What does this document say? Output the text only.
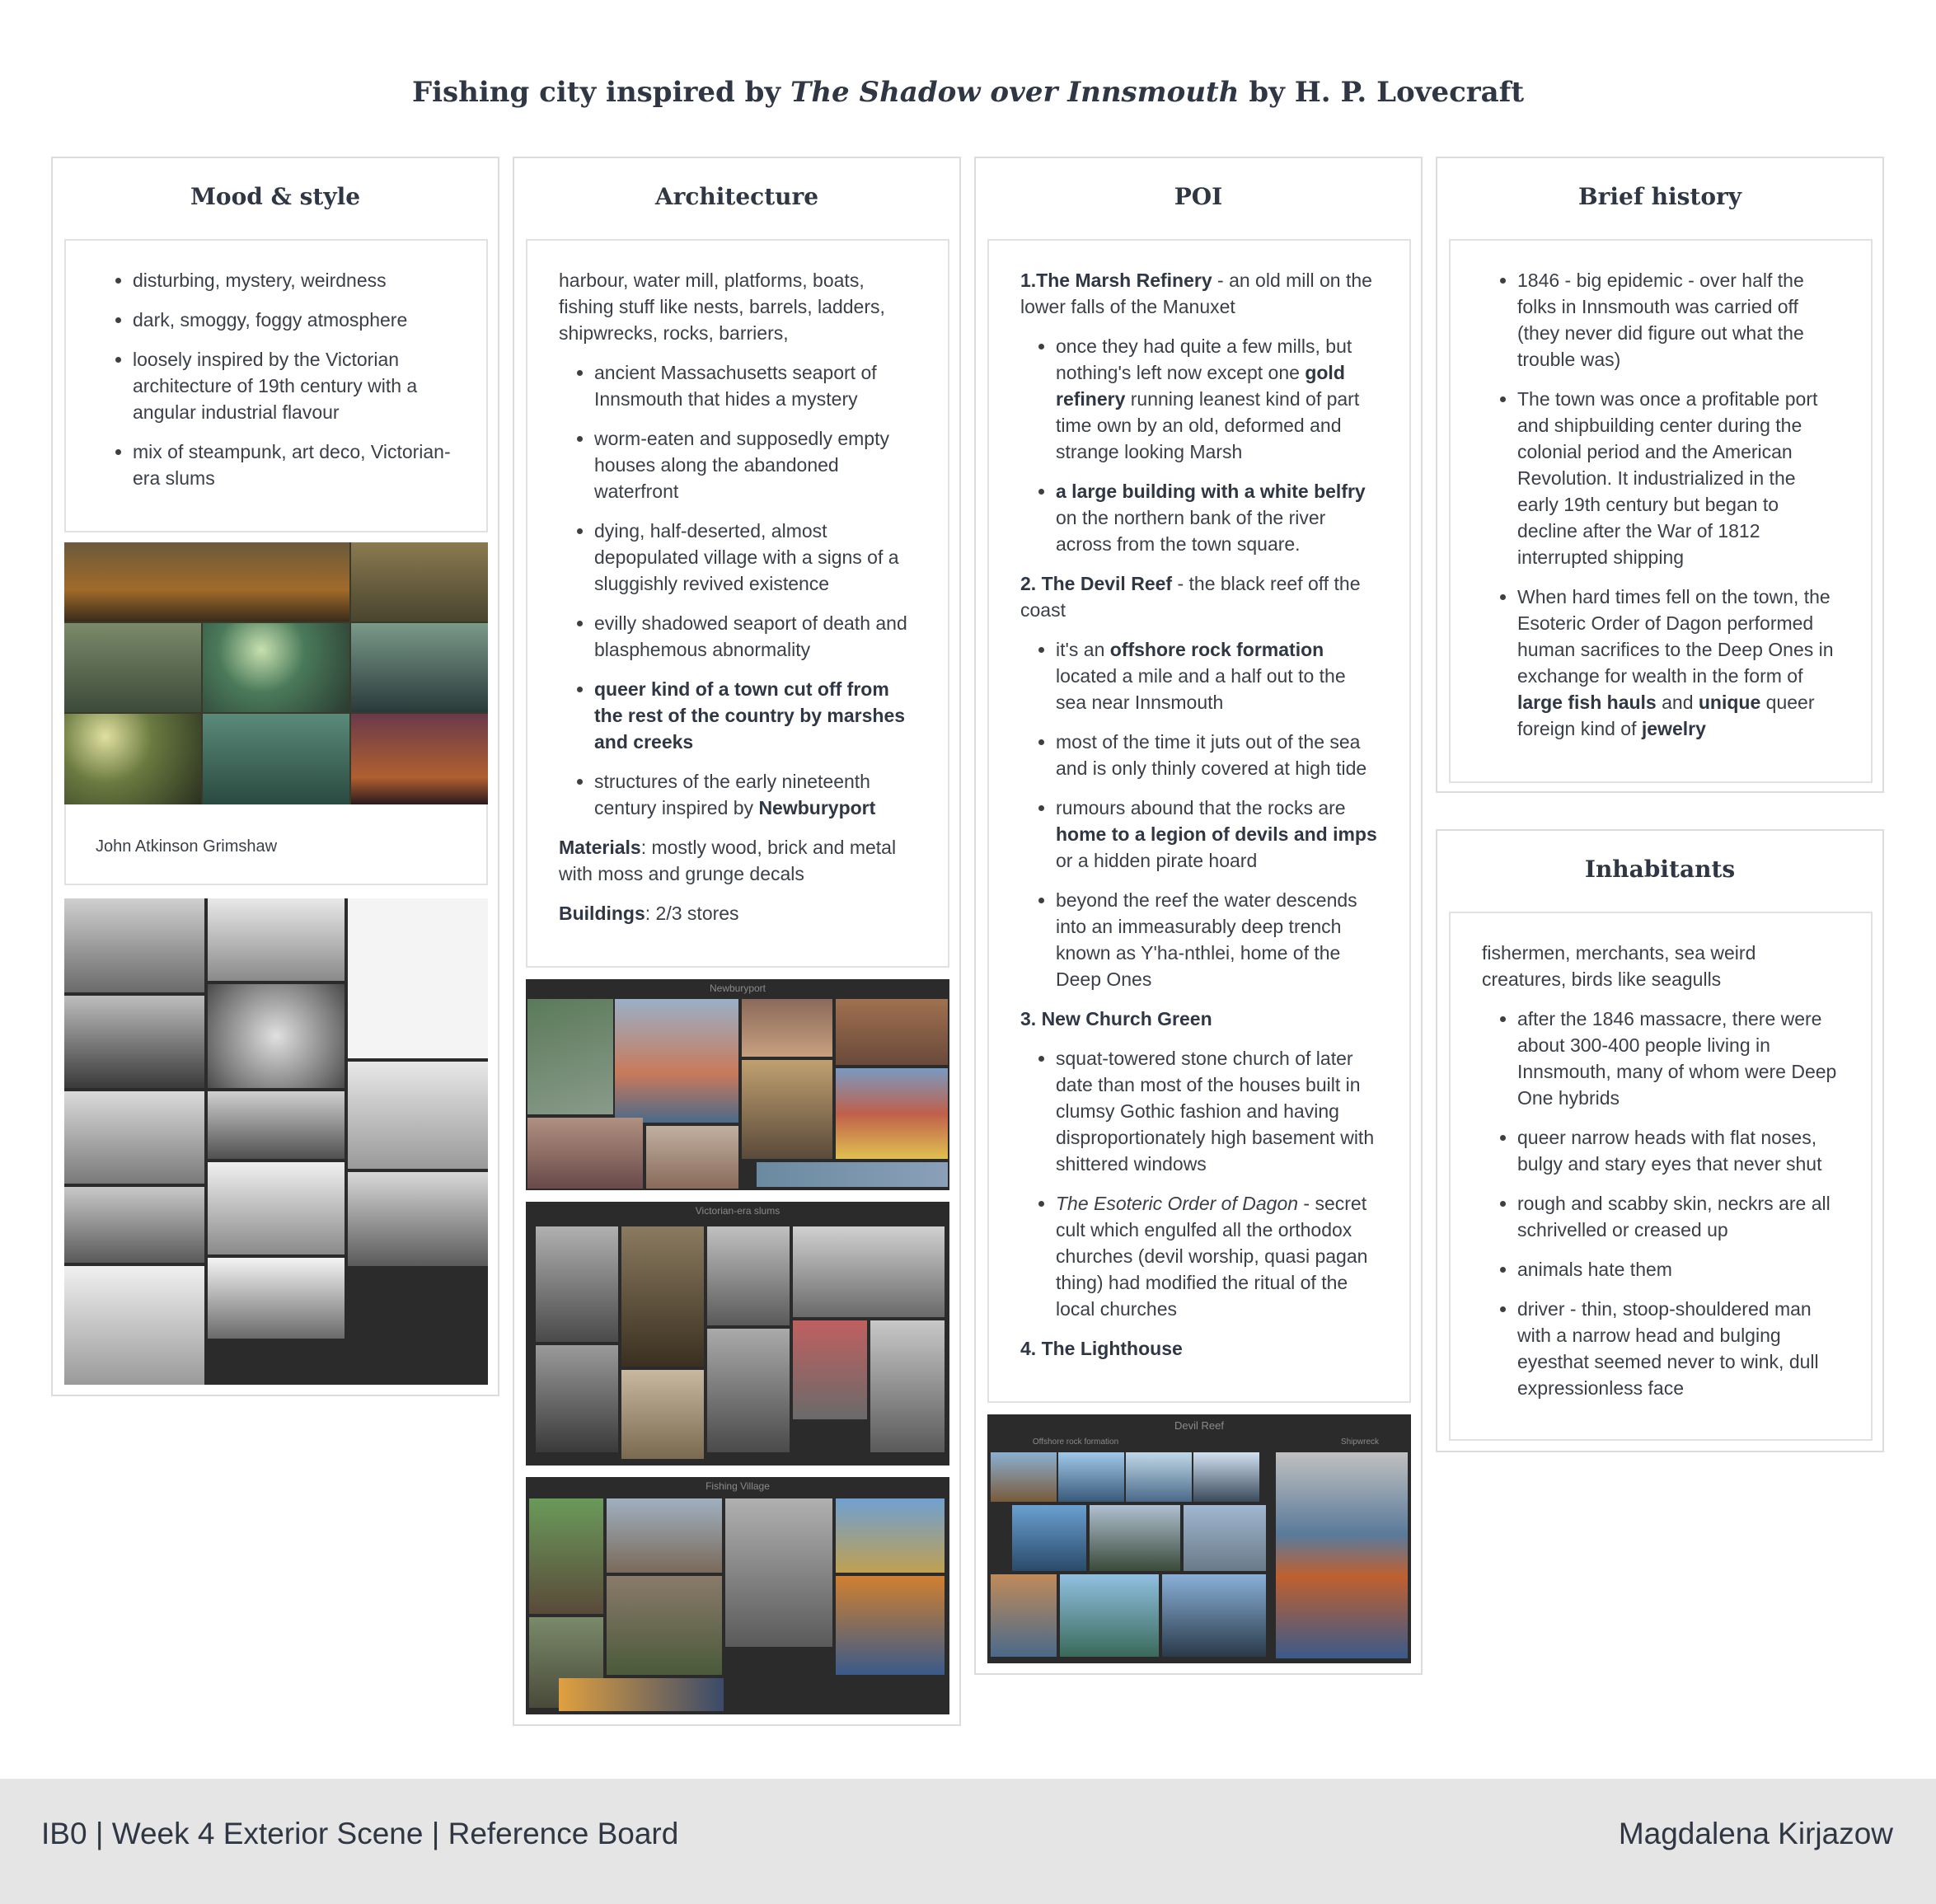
Fishing city inspired by The Shadow over Innsmouth by H. P. Lovecraft
Mood & style
• disturbing, mystery, weirdness
• dark, smoggy, foggy atmosphere
• loosely inspired by the Victorian architecture of 19th century with a angular industrial flavour
• mix of steampunk, art deco, Victorian-era slums
John Atkinson Grimshaw
Architecture

harbour, water mill, platforms, boats, fishing stuff like nests, barrels, ladders, shipwrecks, rocks, barriers,

• ancient Massachusetts seaport of Innsmouth that hides a mystery
• worm-eaten and supposedly empty houses along the abandoned waterfront
• dying, half-deserted, almost depopulated village with a signs of a sluggishly revived existence
• evilly shadowed seaport of death and blasphemous abnormality
• queer kind of a town cut off from the rest of the country by marshes and creeks
• structures of the early nineteenth century inspired by Newburyport

Materials: mostly wood, brick and metal with moss and grunge decals

Buildings: 2/3 stores

Newburyport
Victorian-era slums
Fishing Village
POI

1.The Marsh Refinery - an old mill on the lower falls of the Manuxet

• once they had quite a few mills, but nothing's left now except one gold refinery running leanest kind of part time own by an old, deformed and strange looking Marsh
• a large building with a white belfry on the northern bank of the river across from the town square.

2. The Devil Reef - the black reef off the coast

• it's an offshore rock formation located a mile and a half out to the sea near Innsmouth
• most of the time it juts out of the sea and is only thinly covered at high tide
• rumours abound that the rocks are home to a legion of devils and imps or a hidden pirate hoard
• beyond the reef the water descends into an immeasurably deep trench known as Y'ha-nthlei, home of the Deep Ones

3. New Church Green

• squat-towered stone church of later date than most of the houses built in clumsy Gothic fashion and having disproportionately high basement with shittered windows
• The Esoteric Order of Dagon - secret cult which engulfed all the orthodox churches (devil worship, quasi pagan thing) had modified the ritual of the local churches

4. The Lighthouse

Devil Reef
Offshore rock formation	Shipwreck
Brief history
• 1846 - big epidemic - over half the folks in Innsmouth was carried off (they never did figure out what the trouble was)
• The town was once a profitable port and shipbuilding center during the colonial period and the American Revolution. It industrialized in the early 19th century but began to decline after the War of 1812 interrupted shipping
• When hard times fell on the town, the Esoteric Order of Dagon performed human sacrifices to the Deep Ones in exchange for wealth in the form of large fish hauls and unique queer foreign kind of jewelry
Inhabitants

fishermen, merchants, sea weird creatures, birds like seagulls

• after the 1846 massacre, there were about 300-400 people living in Innsmouth, many of whom were Deep One hybrids
• queer narrow heads with flat noses, bulgy and stary eyes that never shut
• rough and scabby skin, neckrs are all schrivelled or creased up
• animals hate them
• driver - thin, stoop-shouldered man with a narrow head and bulging eyesthat seemed never to wink, dull expressionless face
IB0 | Week 4 Exterior Scene | Reference Board	Magdalena Kirjazow
